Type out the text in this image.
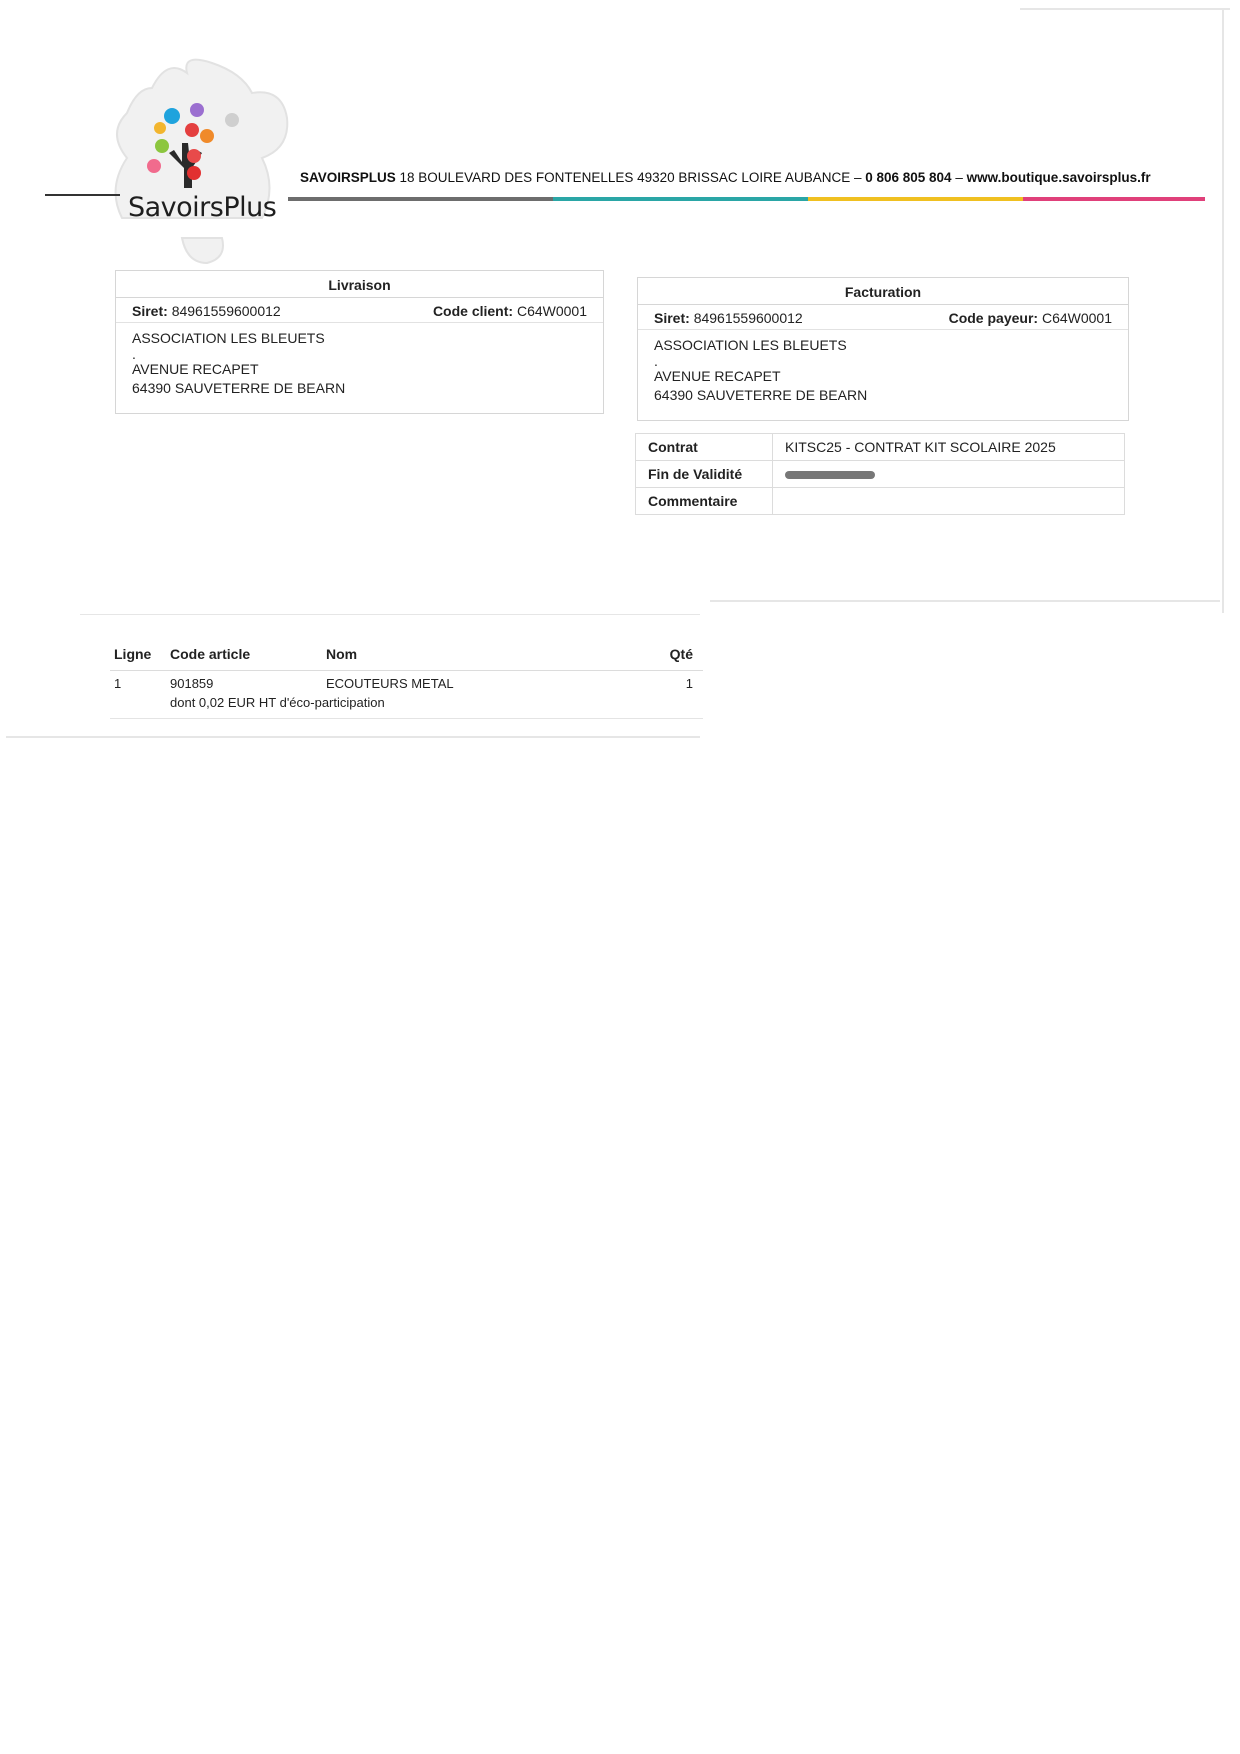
SavoirsPlus
SAVOIRSPLUS 18 BOULEVARD DES FONTENELLES 49320 BRISSAC LOIRE AUBANCE – 0 806 805 804 – www.boutique.savoirsplus.fr
Livraison
Siret: 84961559600012	Code client: C64W0001
ASSOCIATION LES BLEUETS
.
AVENUE RECAPET
64390 SAUVETERRE DE BEARN
Facturation
Siret: 84961559600012	Code payeur: C64W0001
ASSOCIATION LES BLEUETS
.
AVENUE RECAPET
64390 SAUVETERRE DE BEARN
Contrat	KITSC25 - CONTRAT KIT SCOLAIRE 2025
Fin de Validité	
Commentaire	
Ligne	Code article	Nom	Qté
1	901859	ECOUTEURS METAL	1
	dont 0,02 EUR HT d'éco-participation		
